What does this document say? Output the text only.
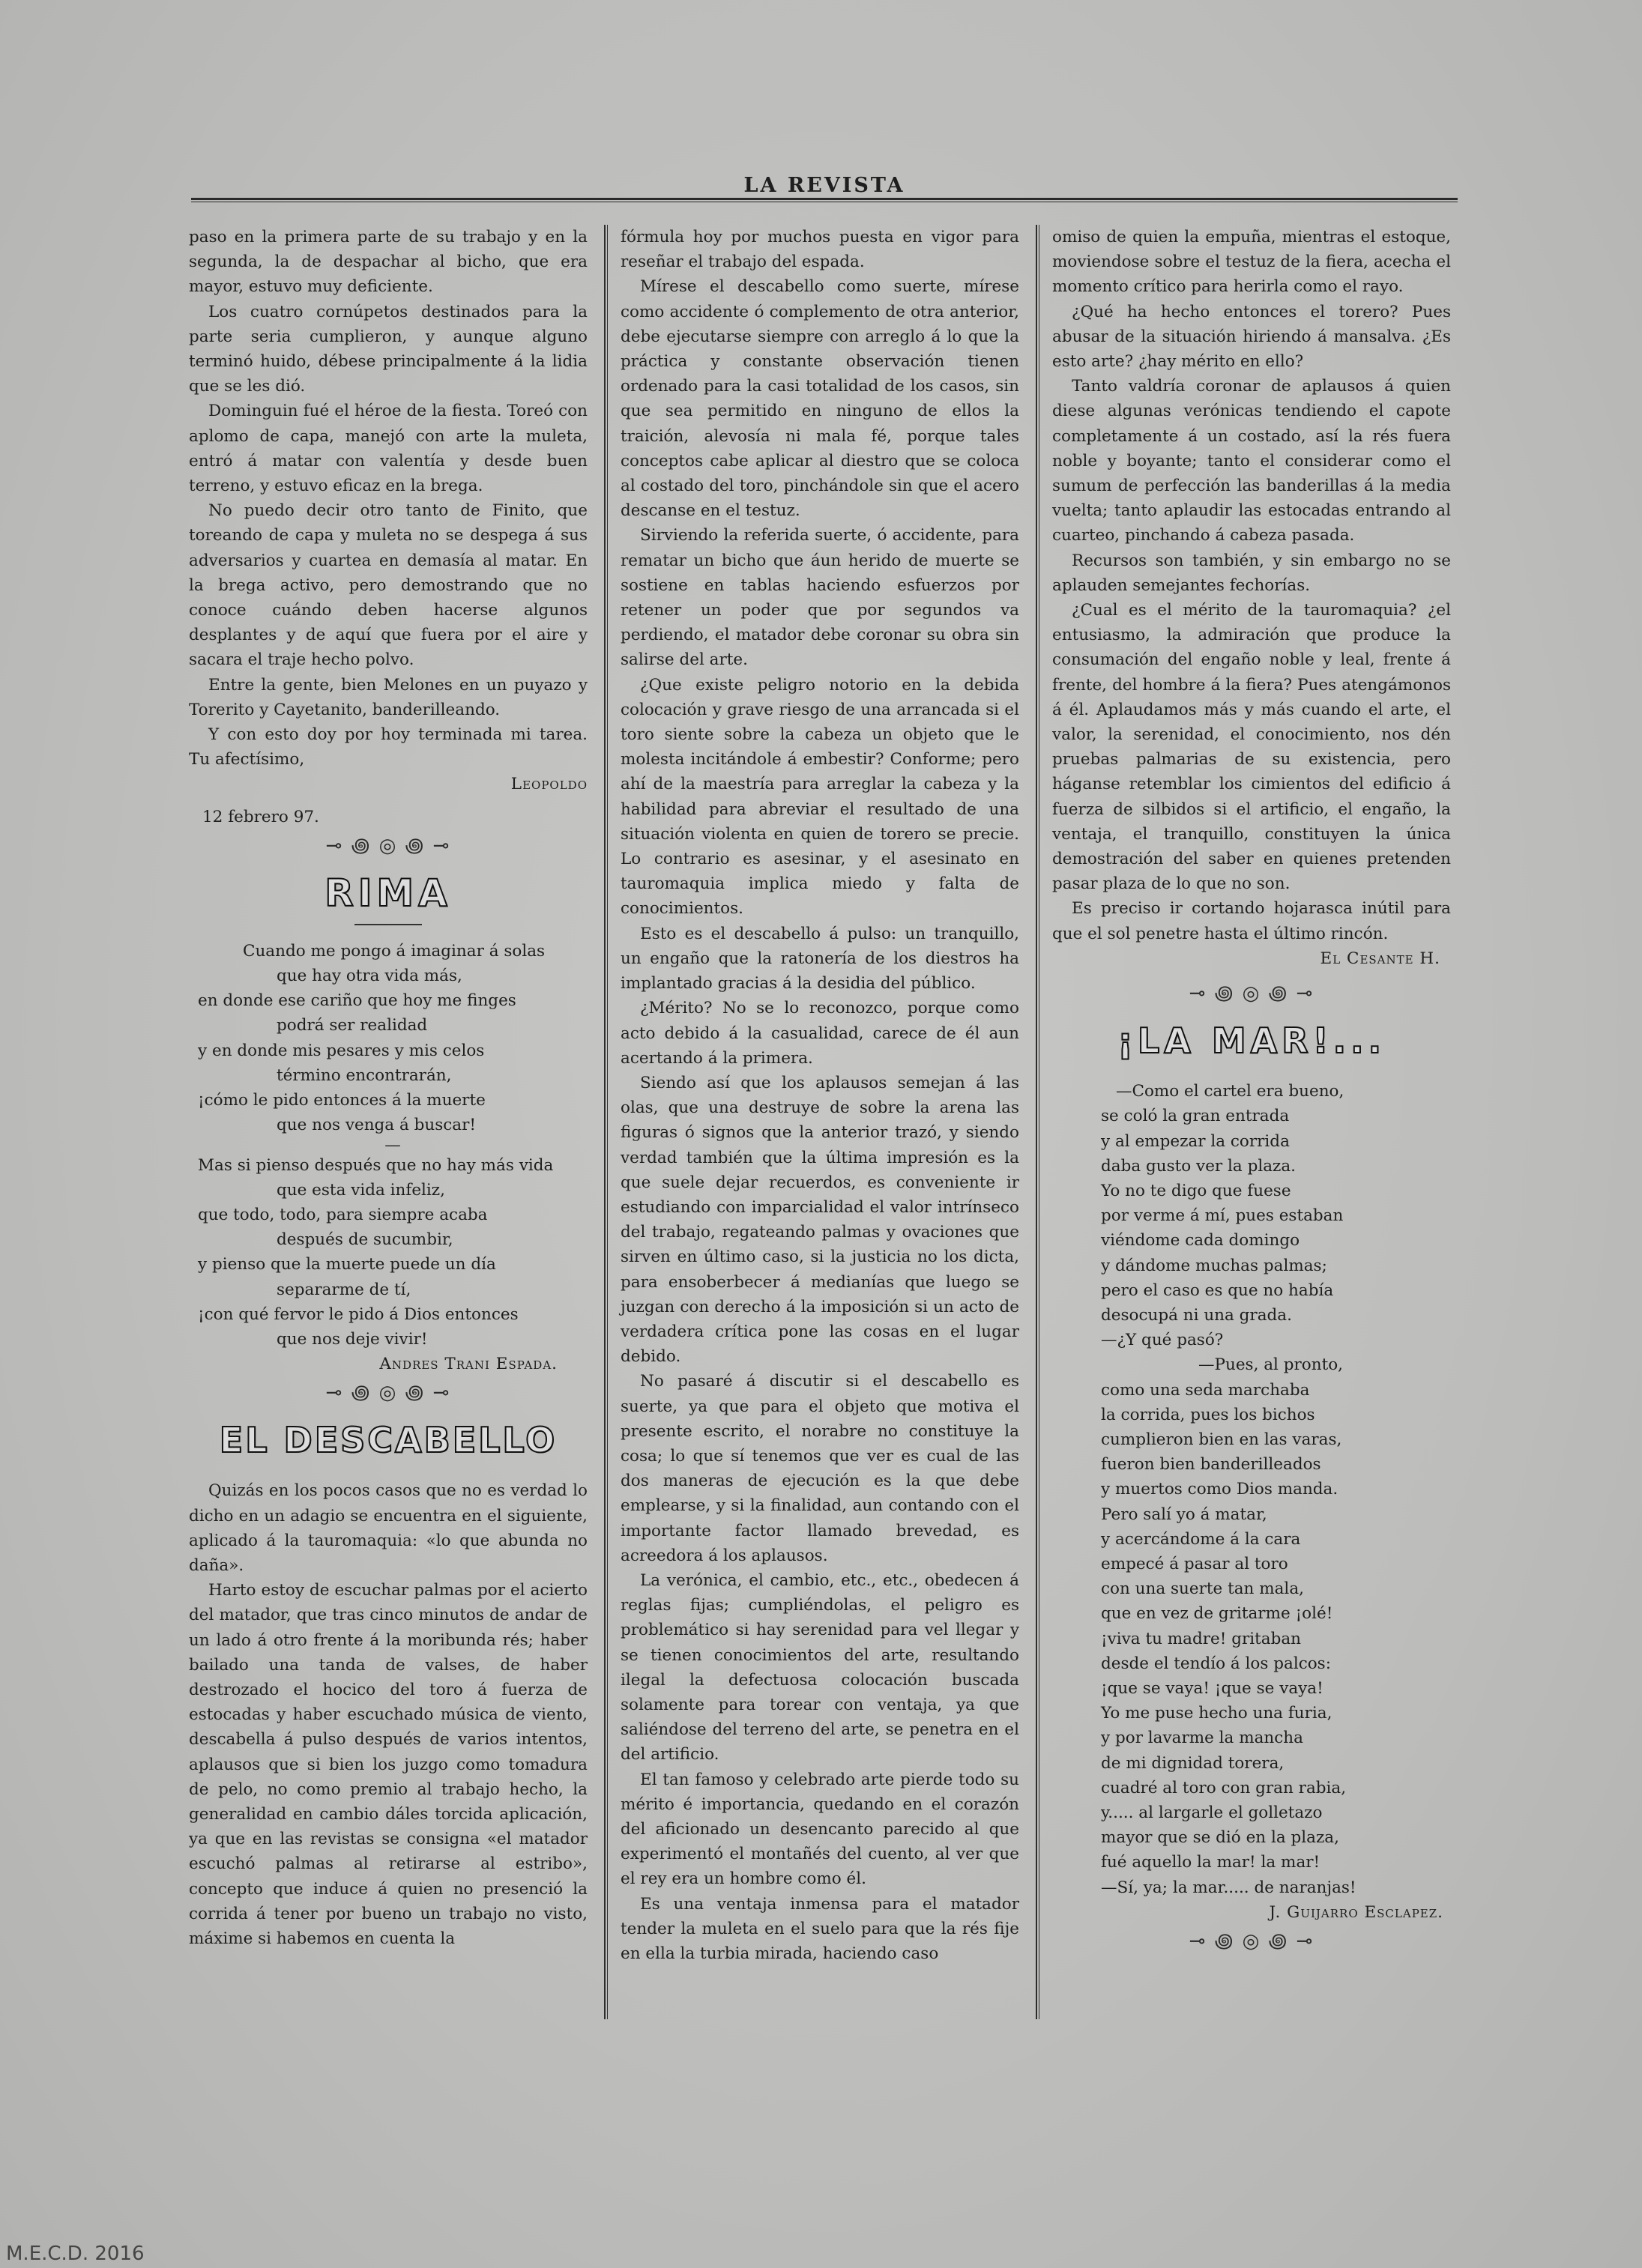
LA REVISTA

paso en la primera parte de su trabajo y en la segunda, la de despachar al bicho, que era mayor, estuvo muy deficiente.

Los cuatro cornúpetos destinados para la parte seria cumplieron, y aunque alguno terminó huido, débese principalmente á la lidia que se les dió.

Dominguin fué el héroe de la fiesta. Toreó con aplomo de capa, manejó con arte la muleta, entró á matar con valentía y desde buen terreno, y estuvo eficaz en la brega.

No puedo decir otro tanto de Finito, que toreando de capa y muleta no se despega á sus adversarios y cuartea en demasía al matar. En la brega activo, pero demostrando que no conoce cuándo deben hacerse algunos desplantes y de aquí que fuera por el aire y sacara el traje hecho polvo.

Entre la gente, bien Melones en un puyazo y Torerito y Cayetanito, banderilleando.

Y con esto doy por hoy terminada mi tarea. Tu afectísimo,

Leopoldo
12 febrero 97.
⊸ ꩜ ◎ ꩜ ⊸
RIMA
Cuando me pongo á imaginar á solas
que hay otra vida más,
en donde ese cariño que hoy me finges
podrá ser realidad
y en donde mis pesares y mis celos
término encontrarán,
¡cómo le pido entonces á la muerte
que nos venga á buscar!
—
Mas si pienso después que no hay más vida
que esta vida infeliz,
que todo, todo, para siempre acaba
después de sucumbir,
y pienso que la muerte puede un día
separarme de tí,
¡con qué fervor le pido á Dios entonces
que nos deje vivir!
Andres Trani Espada.
⊸ ꩜ ◎ ꩜ ⊸
EL DESCABELLO

Quizás en los pocos casos que no es verdad lo dicho en un adagio se encuentra en el siguiente, aplicado á la tauromaquia: «lo que abunda no daña».

Harto estoy de escuchar palmas por el acierto del matador, que tras cinco minutos de andar de un lado á otro frente á la moribunda rés; haber bailado una tanda de valses, de haber destrozado el hocico del toro á fuerza de estocadas y haber escuchado música de viento, descabella á pulso después de varios intentos, aplausos que si bien los juzgo como tomadura de pelo, no como premio al trabajo hecho, la generalidad en cambio dáles torcida aplicación, ya que en las revistas se consigna «el matador escuchó palmas al retirarse al estribo», concepto que induce á quien no presenció la corrida á tener por bueno un trabajo no visto, máxime si habemos en cuenta la

fórmula hoy por muchos puesta en vigor para reseñar el trabajo del espada.

Mírese el descabello como suerte, mírese como accidente ó complemento de otra anterior, debe ejecutarse siempre con arreglo á lo que la práctica y constante observación tienen ordenado para la casi totalidad de los casos, sin que sea permitido en ninguno de ellos la traición, alevosía ni mala fé, porque tales conceptos cabe aplicar al diestro que se coloca al costado del toro, pinchándole sin que el acero descanse en el testuz.

Sirviendo la referida suerte, ó accidente, para rematar un bicho que áun herido de muerte se sostiene en tablas haciendo esfuerzos por retener un poder que por segundos va perdiendo, el matador debe coronar su obra sin salirse del arte.

¿Que existe peligro notorio en la debida colocación y grave riesgo de una arrancada si el toro siente sobre la cabeza un objeto que le molesta incitándole á embestir? Conforme; pero ahí de la maestría para arreglar la cabeza y la habilidad para abreviar el resultado de una situación violenta en quien de torero se precie. Lo contrario es asesinar, y el asesinato en tauromaquia implica miedo y falta de conocimientos.

Esto es el descabello á pulso: un tranquillo, un engaño que la ratonería de los diestros ha implantado gracias á la desidia del público.

¿Mérito? No se lo reconozco, porque como acto debido á la casualidad, carece de él aun acertando á la primera.

Siendo así que los aplausos semejan á las olas, que una destruye de sobre la arena las figuras ó signos que la anterior trazó, y siendo verdad también que la última impresión es la que suele dejar recuerdos, es conveniente ir estudiando con imparcialidad el valor intrínseco del trabajo, regateando palmas y ovaciones que sirven en último caso, si la justicia no los dicta, para ensoberbecer á medianías que luego se juzgan con derecho á la imposición si un acto de verdadera crítica pone las cosas en el lugar debido.

No pasaré á discutir si el descabello es suerte, ya que para el objeto que motiva el presente escrito, el norabre no constituye la cosa; lo que sí tenemos que ver es cual de las dos maneras de ejecución es la que debe emplearse, y si la finalidad, aun contando con el importante factor llamado brevedad, es acreedora á los aplausos.

La verónica, el cambio, etc., etc., obedecen á reglas fijas; cumpliéndolas, el peligro es problemático si hay serenidad para vel llegar y se tienen conocimientos del arte, resultando ilegal la defectuosa colocación buscada solamente para torear con ventaja, ya que saliéndose del terreno del arte, se penetra en el del artificio.

El tan famoso y celebrado arte pierde todo su mérito é importancia, quedando en el corazón del aficionado un desencanto parecido al que experimentó el montañés del cuento, al ver que el rey era un hombre como él.

Es una ventaja inmensa para el matador tender la muleta en el suelo para que la rés fije en ella la turbia mirada, haciendo caso

omiso de quien la empuña, mientras el estoque, moviendose sobre el testuz de la fiera, acecha el momento crítico para herirla como el rayo.

¿Qué ha hecho entonces el torero? Pues abusar de la situación hiriendo á mansalva. ¿Es esto arte? ¿hay mérito en ello?

Tanto valdría coronar de aplausos á quien diese algunas verónicas tendiendo el capote completamente á un costado, así la rés fuera noble y boyante; tanto el considerar como el sumum de perfección las banderillas á la media vuelta; tanto aplaudir las estocadas entrando al cuarteo, pinchando á cabeza pasada.

Recursos son también, y sin embargo no se aplauden semejantes fechorías.

¿Cual es el mérito de la tauromaquia? ¿el entusiasmo, la admiración que produce la consumación del engaño noble y leal, frente á frente, del hombre á la fiera? Pues atengámonos á él. Aplaudamos más y más cuando el arte, el valor, la serenidad, el conocimiento, nos dén pruebas palmarias de su existencia, pero háganse retemblar los cimientos del edificio á fuerza de silbidos si el artificio, el engaño, la ventaja, el tranquillo, constituyen la única demostración del saber en quienes pretenden pasar plaza de lo que no son.

Es preciso ir cortando hojarasca inútil para que el sol penetre hasta el último rincón.

El Cesante H.
⊸ ꩜ ◎ ꩜ ⊸
¡LA MAR!...
—Como el cartel era bueno,
se coló la gran entrada
y al empezar la corrida
daba gusto ver la plaza.
Yo no te digo que fuese
por verme á mí, pues estaban
viéndome cada domingo
y dándome muchas palmas;
pero el caso es que no había
desocupá ni una grada.
—¿Y qué pasó?
—Pues, al pronto,
como una seda marchaba
la corrida, pues los bichos
cumplieron bien en las varas,
fueron bien banderilleados
y muertos como Dios manda.
Pero salí yo á matar,
y acercándome á la cara
empecé á pasar al toro
con una suerte tan mala,
que en vez de gritarme ¡olé!
¡viva tu madre! gritaban
desde el tendío á los palcos:
¡que se vaya! ¡que se vaya!
Yo me puse hecho una furia,
y por lavarme la mancha
de mi dignidad torera,
cuadré al toro con gran rabia,
y..... al largarle el golletazo
mayor que se dió en la plaza,
fué aquello la mar! la mar!
—Sí, ya; la mar..... de naranjas!
J. Guijarro Esclapez.
⊸ ꩜ ◎ ꩜ ⊸
M.E.C.D. 2016
